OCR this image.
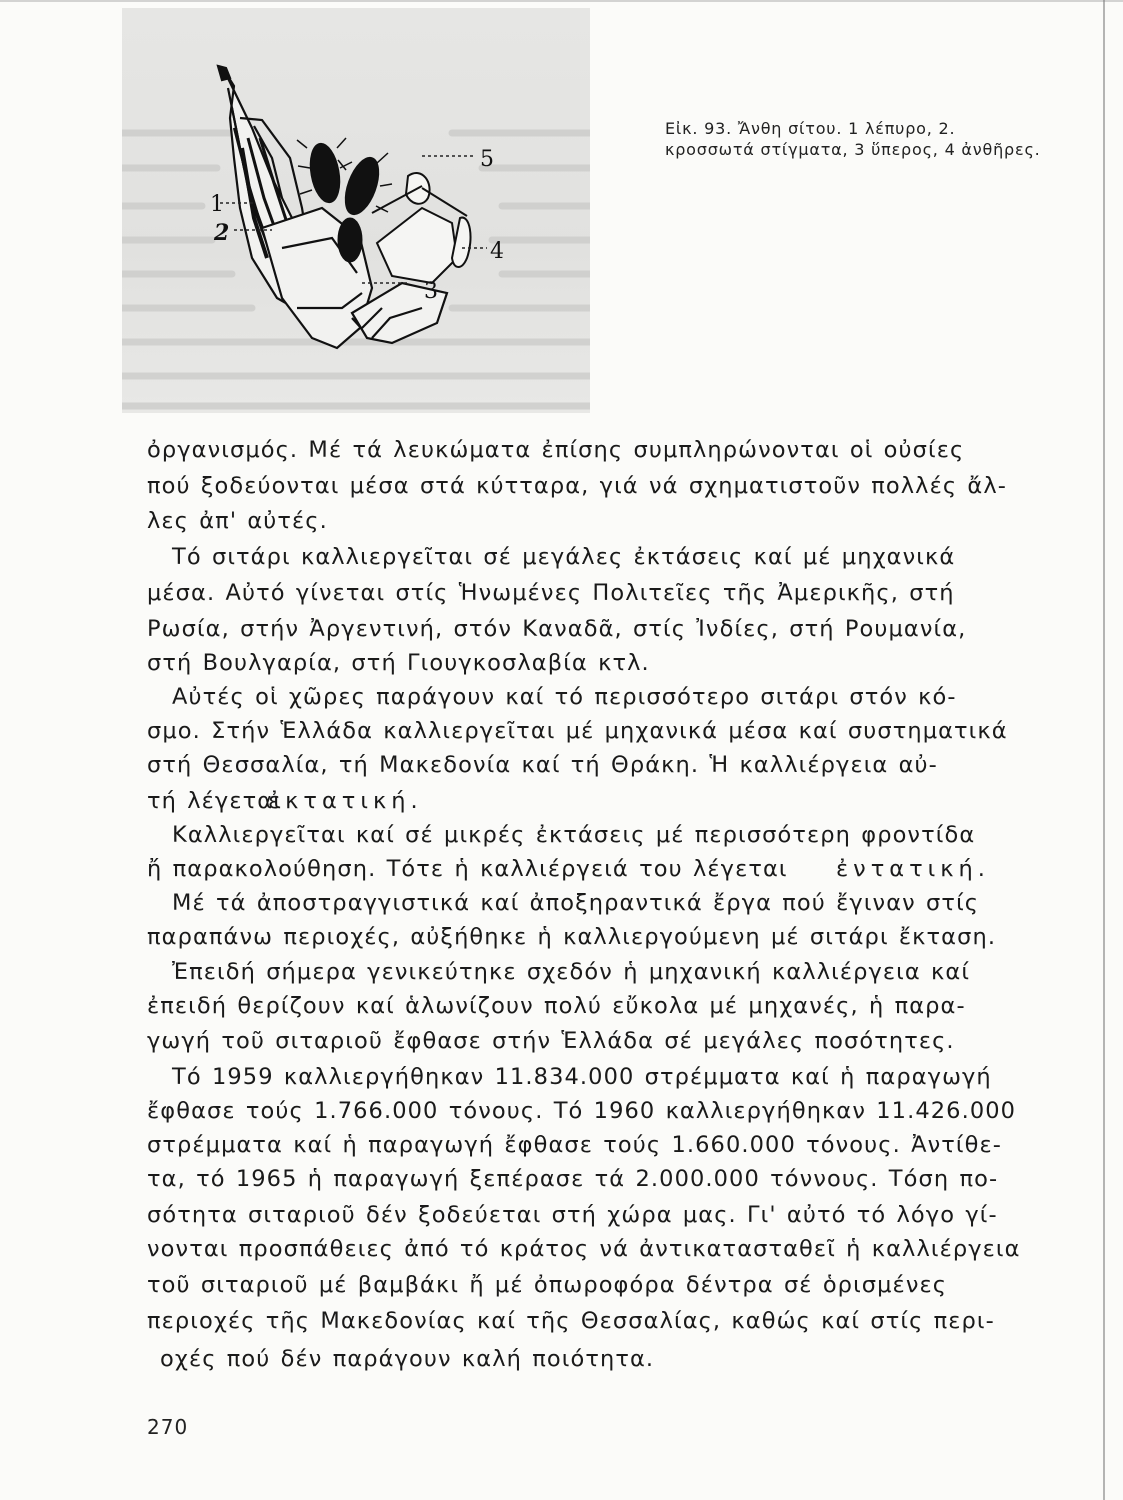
1
2
3
4
5
Εἰκ. 93. Ἄνθη σίτου. 1 λέπυρο, 2. κροσσωτά στίγματα, 3 ὕπερος, 4 ἀνθῆρες.
ὀργανισμός. Μέ τά λευκώματα ἐπίσης συμπληρώνονται οἱ οὐσίες
πού ξοδεύονται μέσα στά κύτταρα, γιά νά σχηματιστοῦν πολλές ἄλ-
λες ἀπ' αὐτές.
Τό σιτάρι καλλιεργεῖται σέ μεγάλες ἐκτάσεις καί μέ μηχανικά
μέσα. Αὐτό γίνεται στίς Ἡνωμένες Πολιτεῖες τῆς Ἀμερικῆς, στή
Ρωσία, στήν Ἀργεντινή, στόν Καναδᾶ, στίς Ἰνδίες, στή Ρουμανία,
στή Βουλγαρία, στή Γιουγκοσλαβία κτλ.
Αὐτές οἱ χῶρες παράγουν καί τό περισσότερο σιτάρι στόν κό-
σμο. Στήν Ἑλλάδα καλλιεργεῖται μέ μηχανικά μέσα καί συστηματικά
στή Θεσσαλία, τή Μακεδονία καί τή Θράκη. Ἡ καλλιέργεια αὐ-
τή λέγεται
ἐκτατική.
Καλλιεργεῖται καί σέ μικρές ἐκτάσεις μέ περισσότερη φροντίδα
ἤ παρακολούθηση. Τότε ἡ καλλιέργειά του λέγεται	ἐντατική.
Μέ τά ἀποστραγγιστικά καί ἀποξηραντικά ἔργα πού ἔγιναν στίς
παραπάνω περιοχές, αὐξήθηκε ἡ καλλιεργούμενη μέ σιτάρι ἔκταση.
Ἐπειδή σήμερα γενικεύτηκε σχεδόν ἡ μηχανική καλλιέργεια καί
ἐπειδή θερίζουν καί ἁλωνίζουν πολύ εὔκολα μέ μηχανές, ἡ παρα-
γωγή τοῦ σιταριοῦ ἔφθασε στήν Ἑλλάδα σέ μεγάλες ποσότητες.
Τό 1959 καλλιεργήθηκαν 11.834.000 στρέμματα καί ἡ παραγωγή
ἔφθασε τούς 1.766.000 τόνους. Τό 1960 καλλιεργήθηκαν 11.426.000
στρέμματα καί ἡ παραγωγή ἔφθασε τούς 1.660.000 τόνους. Ἀντίθε-
τα, τό 1965 ἡ παραγωγή ξεπέρασε τά 2.000.000 τόννους. Τόση πο-
σότητα σιταριοῦ δέν ξοδεύεται στή χώρα μας. Γι' αὐτό τό λόγο γί-
νονται προσπάθειες ἀπό τό κράτος νά ἀντικατασταθεῖ ἡ καλλιέργεια
τοῦ σιταριοῦ μέ βαμβάκι ἤ μέ ὀπωροφόρα δέντρα σέ ὁρισμένες
περιοχές τῆς Μακεδονίας καί τῆς Θεσσαλίας, καθώς καί στίς περι-
οχές πού δέν παράγουν καλή ποιότητα.
270
